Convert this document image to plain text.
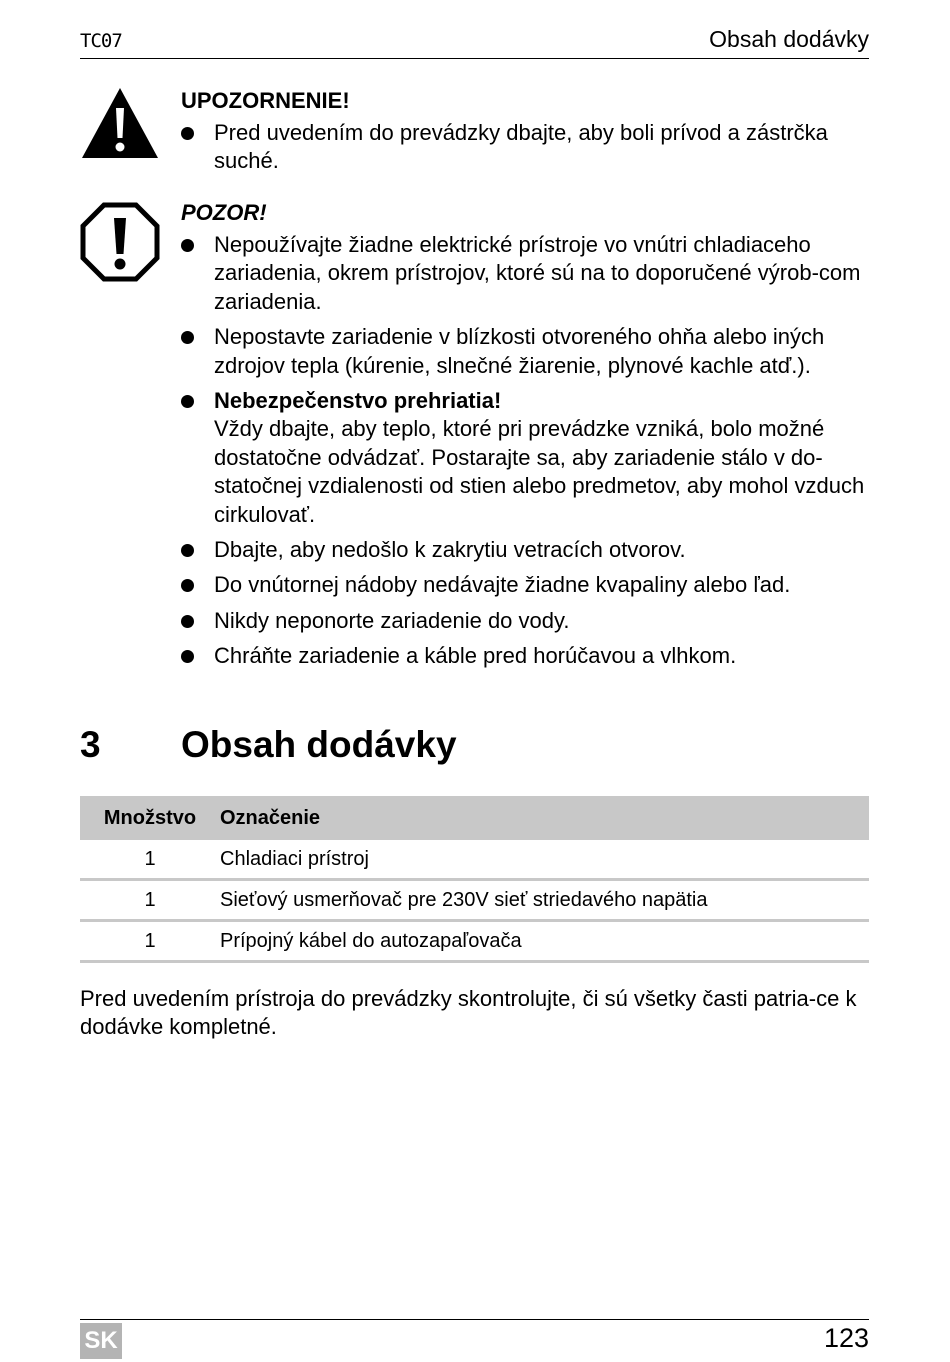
TC07	Obsah dodávky
UPOZORNENIE!
Pred uvedením do prevádzky dbajte, aby boli prívod a zástrčka suché.
POZOR!
Nepoužívajte žiadne elektrické prístroje vo vnútri chladiaceho zariadenia, okrem prístrojov, ktoré sú na to doporučené výrob-com zariadenia.
Nepostavte zariadenie v blízkosti otvoreného ohňa alebo iných zdrojov tepla (kúrenie, slnečné žiarenie, plynové kachle atď.).
Nebezpečenstvo prehriatia!
Vždy dbajte, aby teplo, ktoré pri prevádzke vzniká, bolo možné dostatočne odvádzať. Postarajte sa, aby zariadenie stálo v do-statočnej vzdialenosti od stien alebo predmetov, aby mohol vzduch cirkulovať.
Dbajte, aby nedošlo k zakrytiu vetracích otvorov.
Do vnútornej nádoby nedávajte žiadne kvapaliny alebo ľad.
Nikdy neponorte zariadenie do vody.
Chráňte zariadenie a káble pred horúčavou a vlhkom.
3 Obsah dodávky
Množstvo	Označenie
1	Chladiaci prístroj
1	Sieťový usmerňovač pre 230V sieť striedavého napätia
1	Prípojný kábel do autozapaľovača
Pred uvedením prístroja do prevádzky skontrolujte, či sú všetky časti patria-ce k dodávke kompletné.
SK	123
